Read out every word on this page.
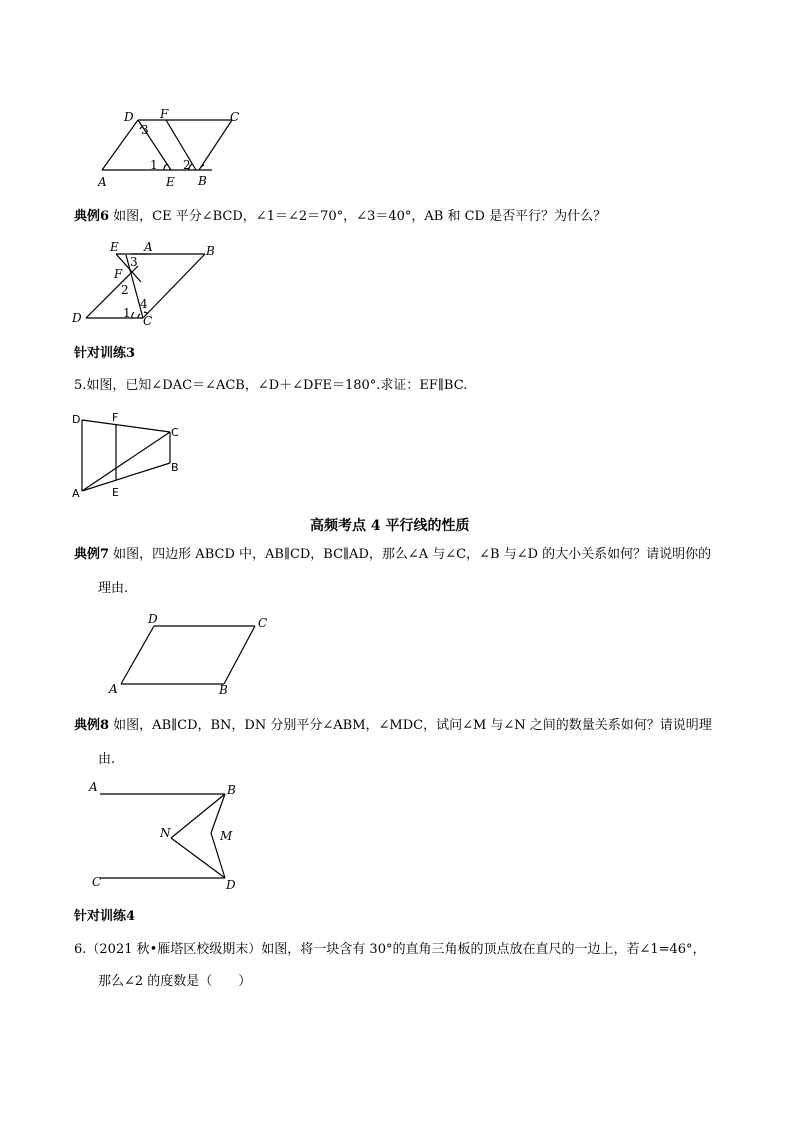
D F	C
A	E B
3
1 2
典例6 如图，CE 平分∠BCD，∠1＝∠2＝70°，∠3＝40°，AB 和 CD 是否平行？为什么？
E A	B
F
D	C
3
2
1
4
针对训练3
5.如图，已知∠DAC＝∠ACB，∠D＋∠DFE＝180°.求证：EF∥BC.
D	F
C
B
A	E
高频考点 4 平行线的性质
典例7 如图，四边形 ABCD 中，AB∥CD，BC∥AD，那么∠A 与∠C，∠B 与∠D 的大小关系如何？请说明你的
理由.
D	C
A	B
典例8 如图，AB∥CD，BN，DN 分别平分∠ABM，∠MDC，试问∠M 与∠N 之间的数量关系如何？请说明理
由.
A	B
N	M
C	D
针对训练4
6.（2021 秋•雁塔区校级期末）如图，将一块含有 30°的直角三角板的顶点放在直尺的一边上，若∠1=46°，
那么∠2 的度数是（　　）
